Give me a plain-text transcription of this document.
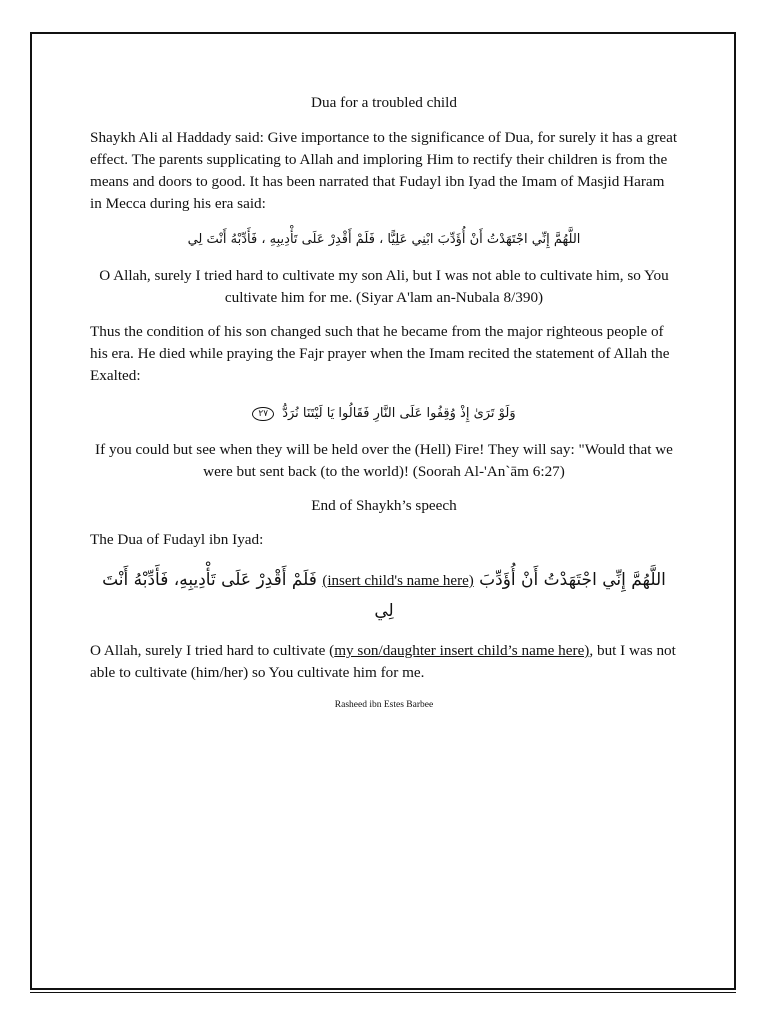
Dua for a troubled child

Shaykh Ali al Haddady said: Give importance to the significance of Dua, for surely it has a great effect. The parents supplicating to Allah and imploring Him to rectify their children is from the means and doors to good. It has been narrated that Fudayl ibn Iyad the Imam of Masjid Haram in Mecca during his era said:

اللَّهُمَّ إِنِّي اجْتَهَدْتُ أَنْ أُؤَدِّبَ ابْنِي عَلِيًّا ، فَلَمْ أَقْدِرْ عَلَى تَأْدِيبِهِ ، فَأَدِّبْهُ أَنْتَ لِي

O Allah, surely I tried hard to cultivate my son Ali, but I was not able to cultivate him, so You cultivate him for me. (Siyar A'lam an-Nubala 8/390)

Thus the condition of his son changed such that he became from the major righteous people of his era. He died while praying the Fajr prayer when the Imam recited the statement of Allah the Exalted:

وَلَوْ تَرَىٰ إِذْ وُقِفُوا عَلَى النَّارِ فَقَالُوا يَا لَيْتَنَا نُرَدُّ ٢٧

If you could but see when they will be held over the (Hell) Fire! They will say: "Would that we were but sent back (to the world)! (Soorah Al-'An`ām 6:27)

End of Shaykh’s speech

The Dua of Fudayl ibn Iyad:

اللَّهُمَّ إِنِّي اجْتَهَدْتُ أَنْ أُؤَدِّبَ (insert child's name here) فَلَمْ أَقْدِرْ عَلَى تَأْدِيبِهِ، فَأَدِّبْهُ أَنْتَ لِي

O Allah, surely I tried hard to cultivate (my son/daughter insert child’s name here), but I was not able to cultivate (him/her) so You cultivate him for me.

Rasheed ibn Estes Barbee
